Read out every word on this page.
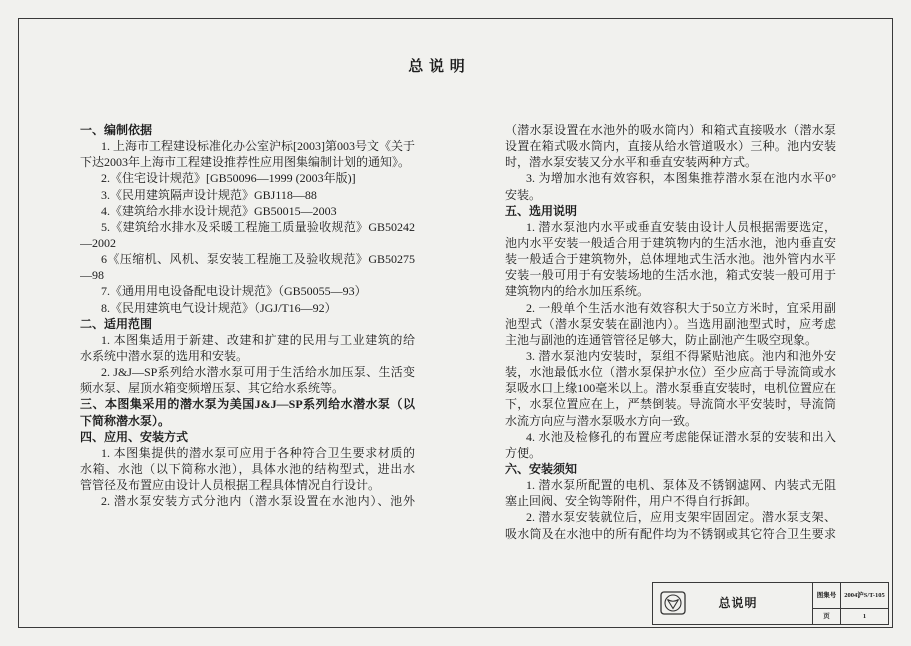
总 说 明
一、编制依据
1. 上海市工程建设标准化办公室沪标[2003]第003号文《关于
下达2003年上海市工程建设推荐性应用图集编制计划的通知》。
2.《住宅设计规范》[GB50096—1999 (2003年版)]
3.《民用建筑隔声设计规范》GBJ118—88
4.《建筑给水排水设计规范》GB50015—2003
5.《建筑给水排水及采暖工程施工质量验收规范》GB50242
—2002
6《压缩机、风机、泵安装工程施工及验收规范》GB50275
—98
7.《通用用电设备配电设计规范》（GB50055—93）
8.《民用建筑电气设计规范》（JGJ/T16—92）
二、适用范围
1. 本图集适用于新建、改建和扩建的民用与工业建筑的给
水系统中潜水泵的选用和安装。
2. J&J—SP系列给水潜水泵可用于生活给水加压泵、生活变
频水泵、屋顶水箱变频增压泵、其它给水系统等。
三、本图集采用的潜水泵为美国J&J—SP系列给水潜水泵（以
下简称潜水泵）。
四、应用、安装方式
1. 本图集提供的潜水泵可应用于各种符合卫生要求材质的
水箱、水池（以下简称水池），具体水池的结构型式，进出水
管管径及布置应由设计人员根据工程具体情况自行设计。
2. 潜水泵安装方式分池内（潜水泵设置在水池内）、池外
（潜水泵设置在水池外的吸水筒内）和箱式直接吸水（潜水泵
设置在箱式吸水筒内，直接从给水管道吸水）三种。池内安装
时，潜水泵安装又分水平和垂直安装两种方式。
3. 为增加水池有效容积，本图集推荐潜水泵在池内水平0°
安装。
五、选用说明
1. 潜水泵池内水平或垂直安装由设计人员根据需要选定，
池内水平安装一般适合用于建筑物内的生活水池，池内垂直安
装一般适合于建筑物外，总体埋地式生活水池。池外管内水平
安装一般可用于有安装场地的生活水池，箱式安装一般可用于
建筑物内的给水加压系统。
2. 一般单个生活水池有效容积大于50立方米时，宜采用副
池型式（潜水泵安装在副池内）。当选用副池型式时，应考虑
主池与副池的连通管管径足够大，防止副池产生吸空现象。
3. 潜水泵池内安装时，泵组不得紧贴池底。池内和池外安
装，水池最低水位（潜水泵保护水位）至少应高于导流筒或水
泵吸水口上缘100毫米以上。潜水泵垂直安装时，电机位置应在
下，水泵位置应在上，严禁倒装。导流筒水平安装时，导流筒
水流方向应与潜水泵吸水方向一致。
4. 水池及检修孔的布置应考虑能保证潜水泵的安装和出入
方便。
六、安装须知
1. 潜水泵所配置的电机、泵体及不锈钢滤网、内装式无阻
塞止回阀、安全钩等附件，用户不得自行拆卸。
2. 潜水泵安装就位后，应用支架牢固固定。潜水泵支架、
吸水筒及在水池中的所有配件均为不锈钢或其它符合卫生要求
总说明
图集号	2004沪S/T-105
页	1
